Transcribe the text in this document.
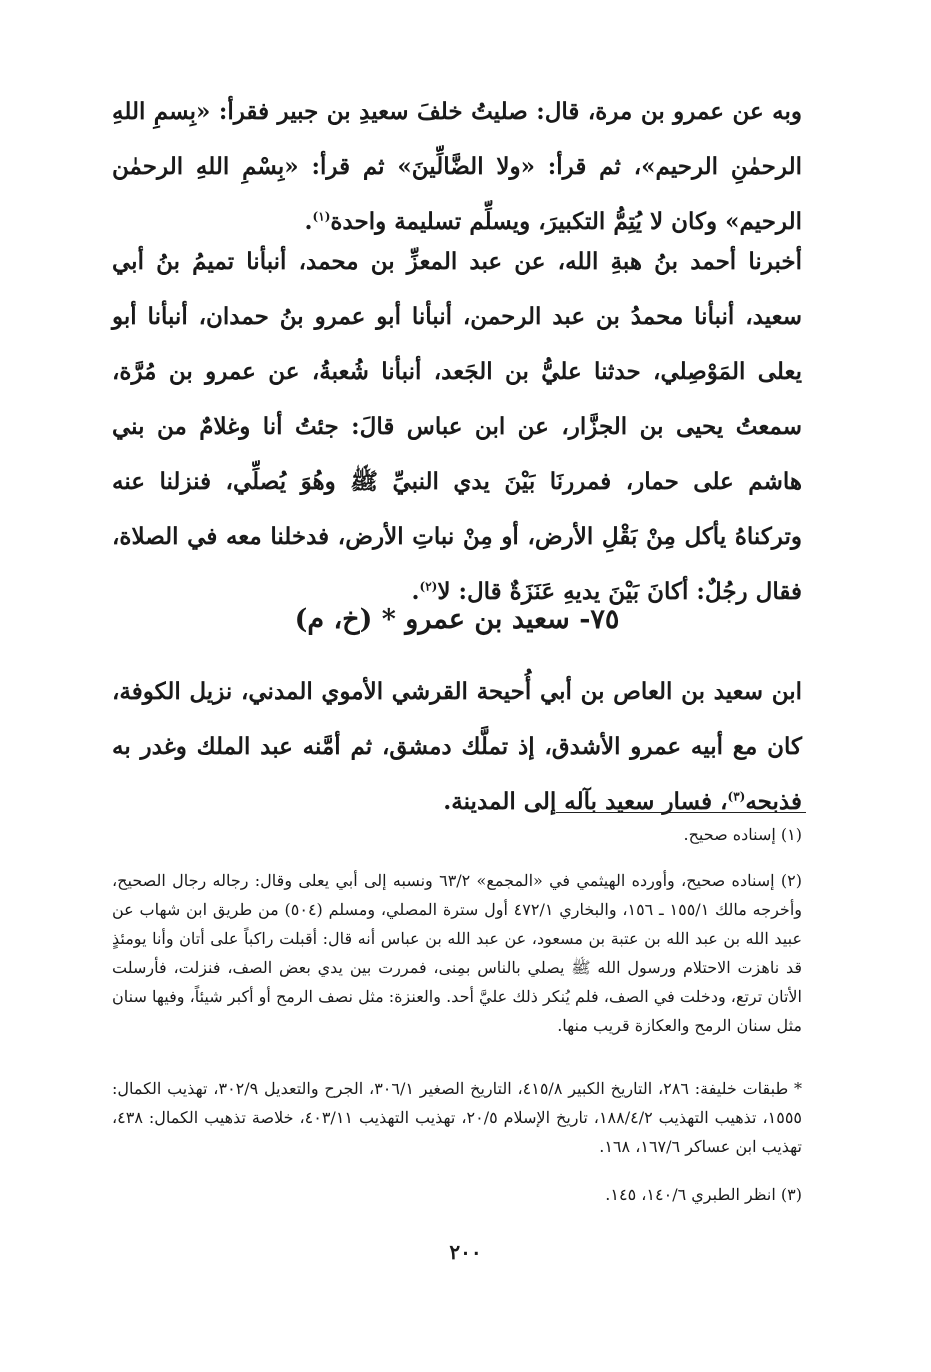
وبه عن عمرو بن مرة، قال: صليتُ خلفَ سعيدِ بن جبير فقرأ: «بِسمِ اللهِ الرحمٰنِ الرحيم»، ثم قرأ: «ولا الضَّالِّينَ» ثم قرأ: «بِسْمِ اللهِ الرحمٰن الرحيم» وكان لا يُتِمُّ التكبيرَ، ويسلِّم تسليمة واحدة$^{(١)}$.

أخبرنا أحمد بنُ هبةِ الله، عن عبد المعزِّ بن محمد، أنبأنا تميمُ بنُ أبي سعيد، أنبأنا محمدُ بن عبد الرحمن، أنبأنا أبو عمرو بنُ حمدان، أنبأنا أبو يعلى المَوْصِلي، حدثنا عليُّ بن الجَعد، أنبأنا شُعبةُ، عن عمرو بن مُرَّة، سمعتُ يحيى بن الجزَّار، عن ابن عباس قالَ: جئتُ أنا وغلامٌ من بني هاشم على حمار، فمررنَا بَيْنَ يدي النبيِّ ﷺ وهُوَ يُصلِّي، فنزلنا عنه وتركناهُ يأكل مِنْ بَقْلِ الأرض، أو مِنْ نباتِ الأرض، فدخلنا معه في الصلاة، فقال رجُلٌ: أكانَ بَيْنَ يديهِ عَنَزَةٌ قال: لا$^{(٢)}$.

٧٥- سعيد بن عمرو * (خ، م)

ابن سعيد بن العاص بن أبي أُحيحة القرشي الأموي المدني، نزيل الكوفة، كان مع أبيه عمرو الأشدق، إذ تملَّك دمشق، ثم أمَّنه عبد الملك وغدر به فذبحه$^{(٣)}$، فسار سعيد بآله إلى المدينة.

(١) إسناده صحيح.

(٢) إسناده صحيح، وأورده الهيثمي في «المجمع» ٦٣/٢ ونسبه إلى أبي يعلى وقال: رجاله رجال الصحيح، وأخرجه مالك ١٥٥/١ ـ ١٥٦، والبخاري ٤٧٢/١ أول سترة المصلي، ومسلم (٥٠٤) من طريق ابن شهاب عن عبيد الله بن عبد الله بن عتبة بن مسعود، عن عبد الله بن عباس أنه قال: أقبلت راكباً على أتان وأنا يومئذٍ قد ناهزت الاحتلام ورسول الله ﷺ يصلي بالناس بمِنى، فمررت بين يدي بعض الصف، فنزلت، فأرسلت الأتان ترتع، ودخلت في الصف، فلم يُنكر ذلك عليَّ أحد. والعنزة: مثل نصف الرمح أو أكبر شيئاً، وفيها سنان مثل سنان الرمح والعكازة قريب منها.

* طبقات خليفة: ٢٨٦، التاريخ الكبير ٤١٥/٨، التاريخ الصغير ٣٠٦/١، الجرح والتعديل ٣٠٢/٩، تهذيب الكمال: ١٥٥٥، تذهيب التهذيب ١٨٨/٤/٢، تاريخ الإسلام ٢٠/٥، تهذيب التهذيب ٤٠٣/١١، خلاصة تذهيب الكمال: ٤٣٨، تهذيب ابن عساكر ١٦٧/٦، ١٦٨.

(٣) انظر الطبري ١٤٠/٦، ١٤٥.

٢٠٠
